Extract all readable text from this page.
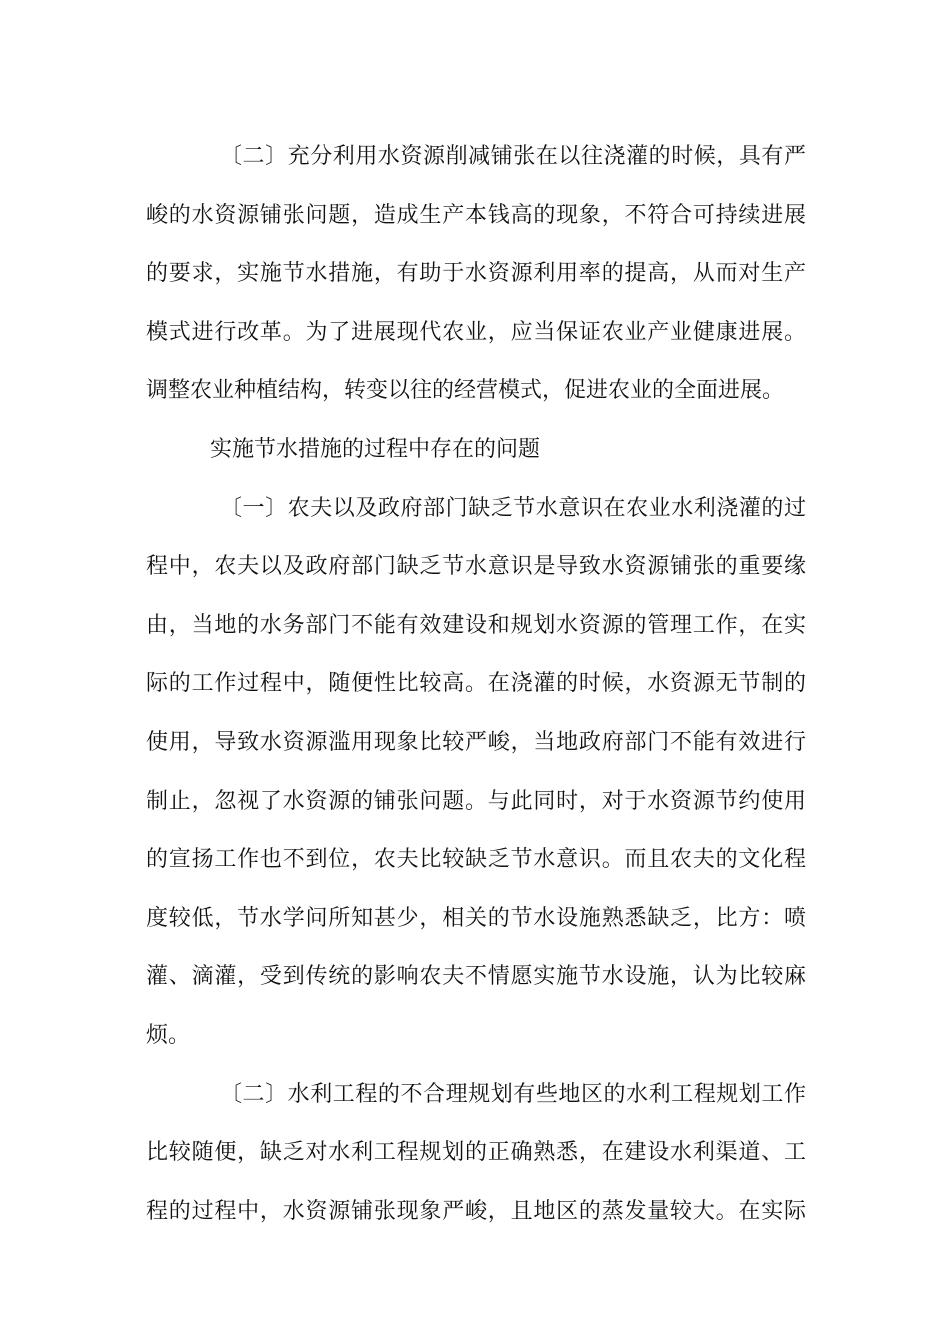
〔二〕充分利用水资源削减铺张在以往浇灌的时候，具有严
峻的水资源铺张问题，造成生产本钱高的现象，不符合可持续进展
的要求，实施节水措施，有助于水资源利用率的提高，从而对生产
模式进行改革。为了进展现代农业，应当保证农业产业健康进展。
调整农业种植结构，转变以往的经营模式，促进农业的全面进展。
实施节水措施的过程中存在的问题
〔一〕农夫以及政府部门缺乏节水意识在农业水利浇灌的过
程中，农夫以及政府部门缺乏节水意识是导致水资源铺张的重要缘
由，当地的水务部门不能有效建设和规划水资源的管理工作，在实
际的工作过程中，随便性比较高。在浇灌的时候，水资源无节制的
使用，导致水资源滥用现象比较严峻，当地政府部门不能有效进行
制止，忽视了水资源的铺张问题。与此同时，对于水资源节约使用
的宣扬工作也不到位，农夫比较缺乏节水意识。而且农夫的文化程
度较低，节水学问所知甚少，相关的节水设施熟悉缺乏，比方：喷
灌、滴灌，受到传统的影响农夫不情愿实施节水设施，认为比较麻
烦。
〔二〕水利工程的不合理规划有些地区的水利工程规划工作
比较随便，缺乏对水利工程规划的正确熟悉，在建设水利渠道、工
程的过程中，水资源铺张现象严峻，且地区的蒸发量较大。在实际
